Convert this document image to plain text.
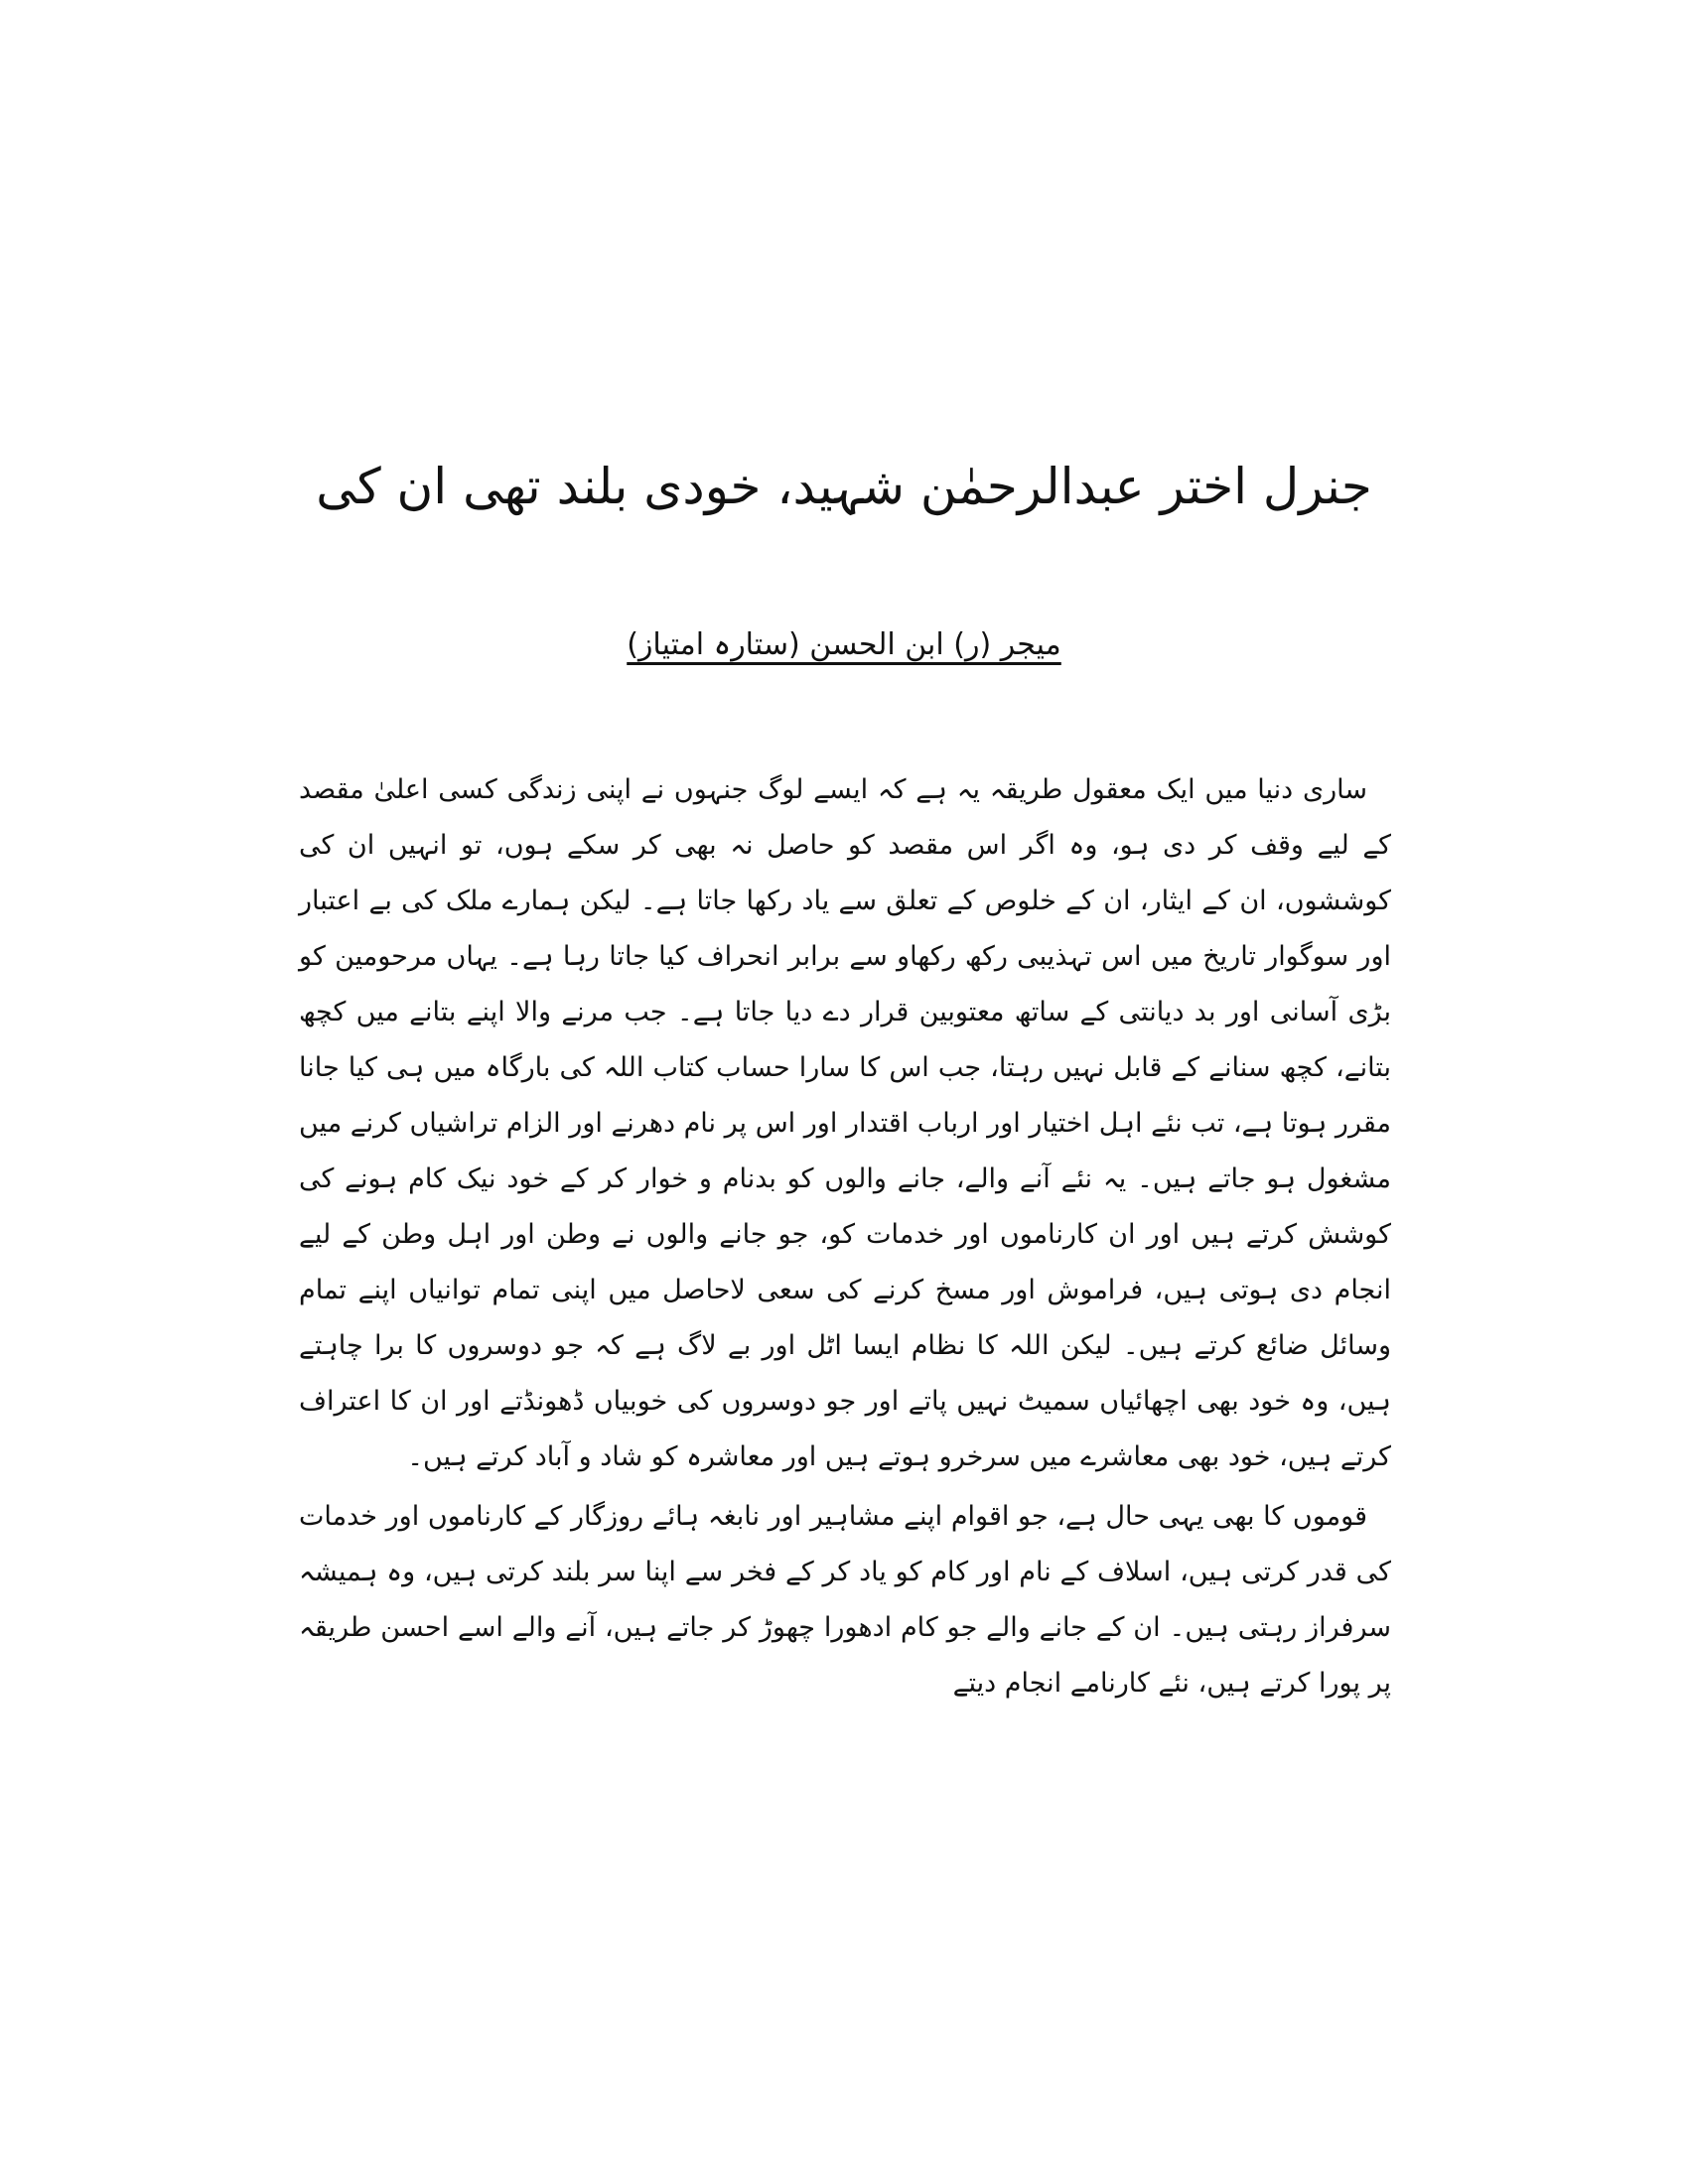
جنرل اختر عبدالرحمٰن شہید، خودی بلند تھی ان کی

میجر (ر) ابن الحسن (ستارہ امتیاز)

ساری دنیا میں ایک معقول طریقہ یہ ہے کہ ایسے لوگ جنہوں نے اپنی زندگی کسی اعلیٰ مقصد کے لیے وقف کر دی ہو، وہ اگر اس مقصد کو حاصل نہ بھی کر سکے ہوں، تو انہیں ان کی کوششوں، ان کے ایثار، ان کے خلوص کے تعلق سے یاد رکھا جاتا ہے۔ لیکن ہمارے ملک کی بے اعتبار اور سوگوار تاریخ میں اس تہذیبی رکھ رکھاو سے برابر انحراف کیا جاتا رہا ہے۔ یہاں مرحومین کو بڑی آسانی اور بد دیانتی کے ساتھ معتوبین قرار دے دیا جاتا ہے۔ جب مرنے والا اپنے بتانے میں کچھ بتانے، کچھ سنانے کے قابل نہیں رہتا، جب اس کا سارا حساب کتاب اللہ کی بارگاہ میں ہی کیا جانا مقرر ہوتا ہے، تب نئے اہل اختیار اور ارباب اقتدار اور اس پر نام دھرنے اور الزام تراشیاں کرنے میں مشغول ہو جاتے ہیں۔ یہ نئے آنے والے، جانے والوں کو بدنام و خوار کر کے خود نیک کام ہونے کی کوشش کرتے ہیں اور ان کارناموں اور خدمات کو، جو جانے والوں نے وطن اور اہل وطن کے لیے انجام دی ہوتی ہیں، فراموش اور مسخ کرنے کی سعی لاحاصل میں اپنی تمام توانیاں اپنے تمام وسائل ضائع کرتے ہیں۔ لیکن اللہ کا نظام ایسا اٹل اور بے لاگ ہے کہ جو دوسروں کا برا چاہتے ہیں، وہ خود بھی اچھائیاں سمیٹ نہیں پاتے اور جو دوسروں کی خوبیاں ڈھونڈتے اور ان کا اعتراف کرتے ہیں، خود بھی معاشرے میں سرخرو ہوتے ہیں اور معاشرہ کو شاد و آباد کرتے ہیں۔

قوموں کا بھی یہی حال ہے، جو اقوام اپنے مشاہیر اور نابغہ ہائے روزگار کے کارناموں اور خدمات کی قدر کرتی ہیں، اسلاف کے نام اور کام کو یاد کر کے فخر سے اپنا سر بلند کرتی ہیں، وہ ہمیشہ سرفراز رہتی ہیں۔ ان کے جانے والے جو کام ادھورا چھوڑ کر جاتے ہیں، آنے والے اسے احسن طریقہ پر پورا کرتے ہیں، نئے کارنامے انجام دیتے
